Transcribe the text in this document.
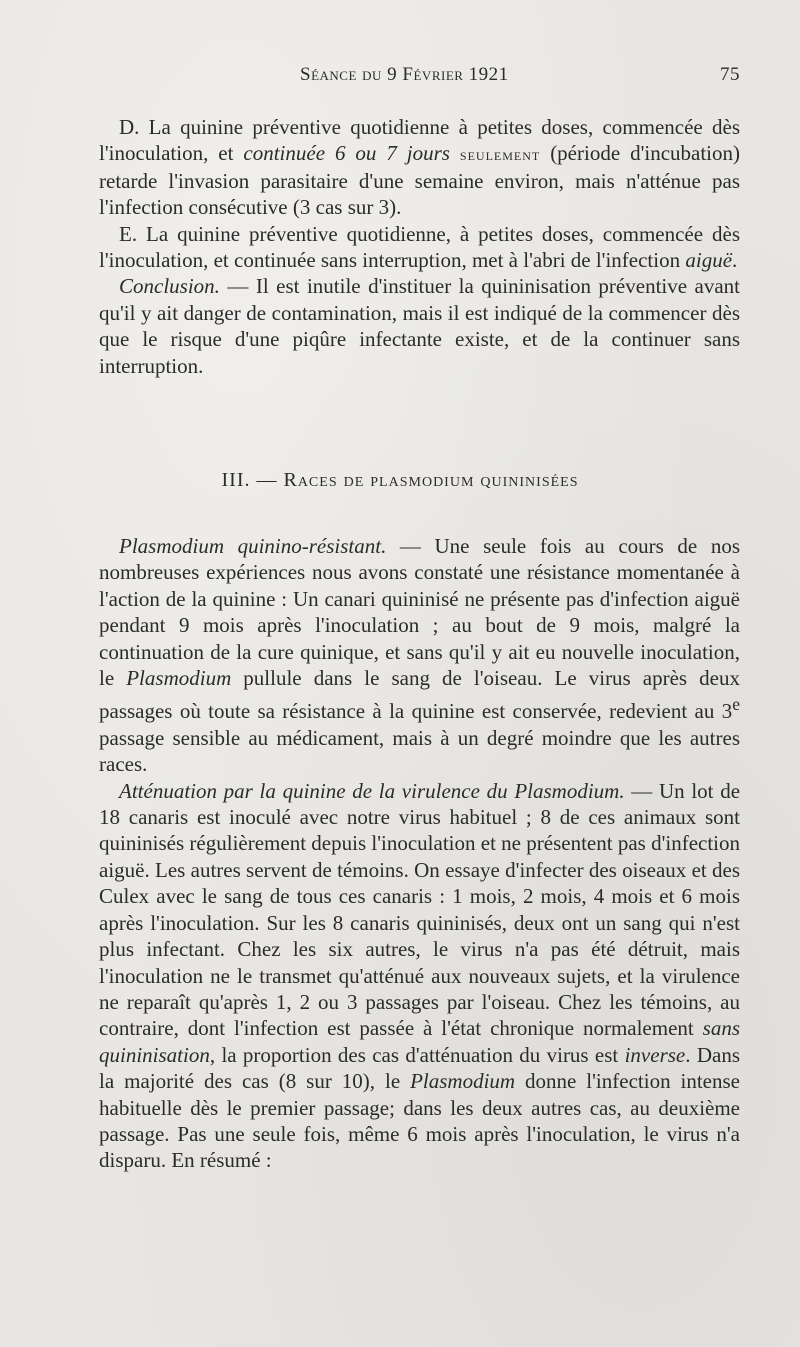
Séance du 9 Février 1921	75

D. La quinine préventive quotidienne à petites doses, commencée dès l'inoculation, et continuée 6 ou 7 jours seulement (période d'incubation) retarde l'invasion parasitaire d'une semaine environ, mais n'atténue pas l'infection consécutive (3 cas sur 3).

E. La quinine préventive quotidienne, à petites doses, commencée dès l'inoculation, et continuée sans interruption, met à l'abri de l'infection aiguë.

Conclusion. — Il est inutile d'instituer la quininisation préventive avant qu'il y ait danger de contamination, mais il est indiqué de la commencer dès que le risque d'une piqûre infectante existe, et de la continuer sans interruption.

III. — Races de plasmodium quininisées

Plasmodium quinino-résistant. — Une seule fois au cours de nos nombreuses expériences nous avons constaté une résistance momentanée à l'action de la quinine : Un canari quininisé ne présente pas d'infection aiguë pendant 9 mois après l'inoculation ; au bout de 9 mois, malgré la continuation de la cure quinique, et sans qu'il y ait eu nouvelle inoculation, le Plasmodium pullule dans le sang de l'oiseau. Le virus après deux passages où toute sa résistance à la quinine est conservée, redevient au 3e passage sensible au médicament, mais à un degré moindre que les autres races.

Atténuation par la quinine de la virulence du Plasmodium. — Un lot de 18 canaris est inoculé avec notre virus habituel ; 8 de ces animaux sont quininisés régulièrement depuis l'inoculation et ne présentent pas d'infection aiguë. Les autres servent de témoins. On essaye d'infecter des oiseaux et des Culex avec le sang de tous ces canaris : 1 mois, 2 mois, 4 mois et 6 mois après l'inoculation. Sur les 8 canaris quininisés, deux ont un sang qui n'est plus infectant. Chez les six autres, le virus n'a pas été détruit, mais l'inoculation ne le transmet qu'atténué aux nouveaux sujets, et la virulence ne reparaît qu'après 1, 2 ou 3 passages par l'oiseau. Chez les témoins, au contraire, dont l'infection est passée à l'état chronique normalement sans quininisation, la proportion des cas d'atténuation du virus est inverse. Dans la majorité des cas (8 sur 10), le Plasmodium donne l'infection intense habituelle dès le premier passage; dans les deux autres cas, au deuxième passage. Pas une seule fois, même 6 mois après l'inoculation, le virus n'a disparu. En résumé :
